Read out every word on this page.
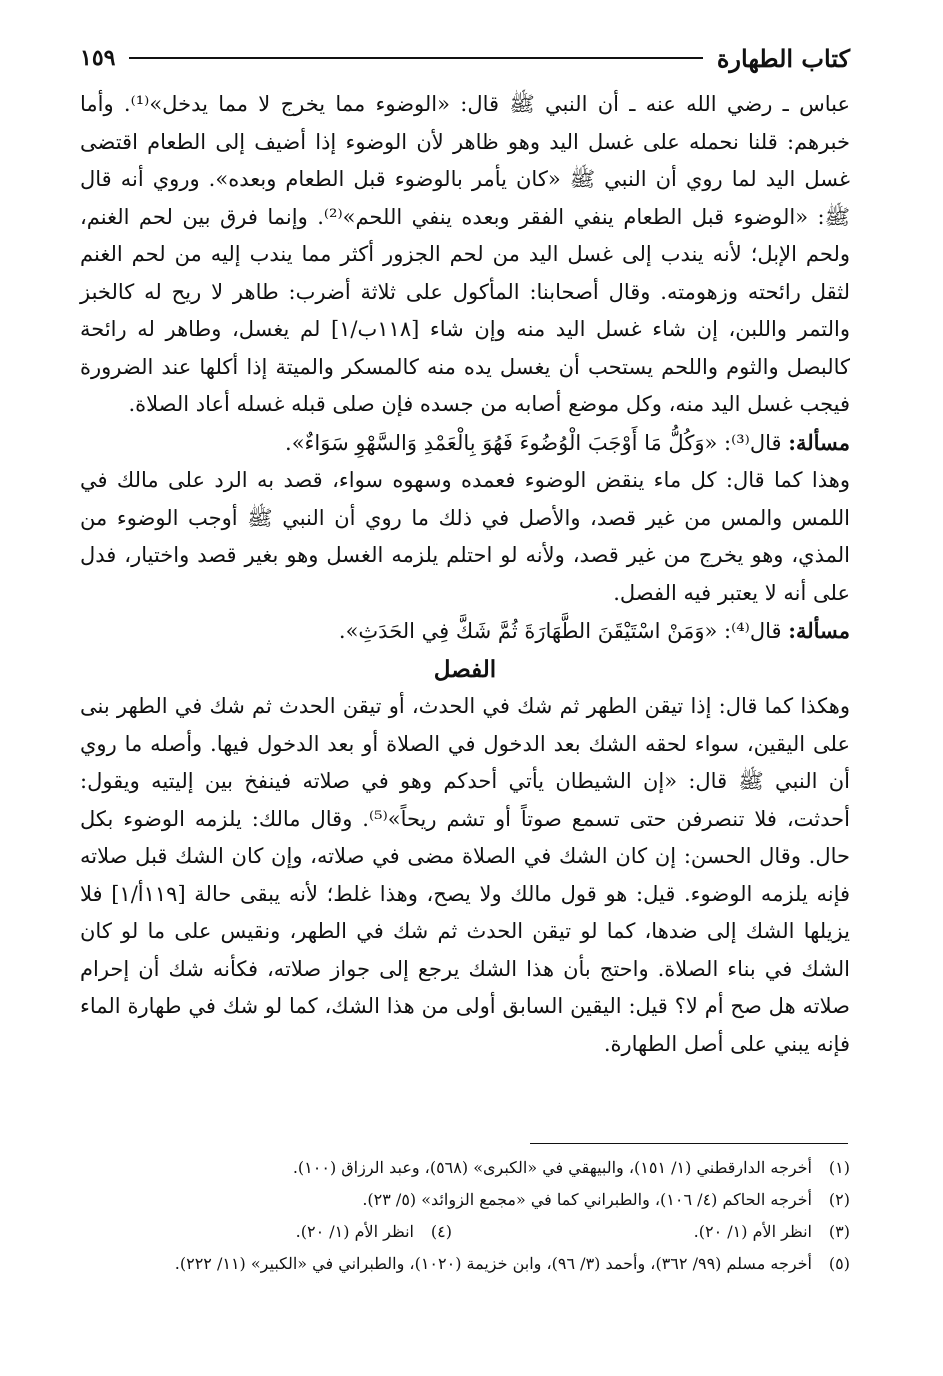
كتاب الطهارة
١٥٩

عباس ـ رضي الله عنه ـ أن النبي ﷺ قال: «الوضوء مما يخرج لا مما يدخل»⁽¹⁾. وأما خبرهم: قلنا نحمله على غسل اليد وهو ظاهر لأن الوضوء إذا أضيف إلى الطعام اقتضى غسل اليد لما روي أن النبي ﷺ «كان يأمر بالوضوء قبل الطعام وبعده». وروي أنه قال ﷺ: «الوضوء قبل الطعام ينفي الفقر وبعده ينفي اللحم»⁽²⁾. وإنما فرق بين لحم الغنم، ولحم الإبل؛ لأنه يندب إلى غسل اليد من لحم الجزور أكثر مما يندب إليه من لحم الغنم لثقل رائحته وزهومته. وقال أصحابنا: المأكول على ثلاثة أضرب: طاهر لا ريح له كالخبز والتمر واللبن، إن شاء غسل اليد منه وإن شاء [١١٨ب/١] لم يغسل، وطاهر له رائحة كالبصل والثوم واللحم يستحب أن يغسل يده منه كالمسكر والميتة إذا أكلها عند الضرورة فيجب غسل اليد منه، وكل موضع أصابه من جسده فإن صلى قبله غسله أعاد الصلاة.

مسألة: قال⁽³⁾: «وَكُلُّ مَا أَوْجَبَ الْوُضُوءَ فَهُوَ بِالْعَمْدِ وَالسَّهْوِ سَوَاءٌ».

وهذا كما قال: كل ماء ينقض الوضوء فعمده وسهوه سواء، قصد به الرد على مالك في اللمس والمس من غير قصد، والأصل في ذلك ما روي أن النبي ﷺ أوجب الوضوء من المذي، وهو يخرج من غير قصد، ولأنه لو احتلم يلزمه الغسل وهو بغير قصد واختيار، فدل على أنه لا يعتبر فيه الفصل.

مسألة: قال⁽⁴⁾: «وَمَنْ اسْتَيْقَنَ الطَّهَارَةَ ثُمَّ شَكَّ فِي الحَدَثِ».

الفصل

وهكذا كما قال: إذا تيقن الطهر ثم شك في الحدث، أو تيقن الحدث ثم شك في الطهر بنى على اليقين، سواء لحقه الشك بعد الدخول في الصلاة أو بعد الدخول فيها. وأصله ما روي أن النبي ﷺ قال: «إن الشيطان يأتي أحدكم وهو في صلاته فينفخ بين إليتيه ويقول: أحدثت، فلا تنصرفن حتى تسمع صوتاً أو تشم ريحاً»⁽⁵⁾. وقال مالك: يلزمه الوضوء بكل حال. وقال الحسن: إن كان الشك في الصلاة مضى في صلاته، وإن كان الشك قبل صلاته فإنه يلزمه الوضوء. قيل: هو قول مالك ولا يصح، وهذا غلط؛ لأنه يبقى حالة [١١٩أ/١] فلا يزيلها الشك إلى ضدها، كما لو تيقن الحدث ثم شك في الطهر، ونقيس على ما لو كان الشك في بناء الصلاة. واحتج بأن هذا الشك يرجع إلى جواز صلاته، فكأنه شك أن إحرام صلاته هل صح أم لا؟ قيل: اليقين السابق أولى من هذا الشك، كما لو شك في طهارة الماء فإنه يبني على أصل الطهارة.

(١)
أخرجه الدارقطني (١/ ١٥١)، والبيهقي في «الكبرى» (٥٦٨)، وعبد الرزاق (١٠٠).
(٢)
أخرجه الحاكم (٤/ ١٠٦)، والطبراني كما في «مجمع الزوائد» (٥/ ٢٣).
(٣)
انظر الأم (١/ ٢٠).
(٤)
انظر الأم (١/ ٢٠).
(٥)
أخرجه مسلم (٩٩/ ٣٦٢)، وأحمد (٣/ ٩٦)، وابن خزيمة (١٠٢٠)، والطبراني في «الكبير» (١١/ ٢٢٢).
